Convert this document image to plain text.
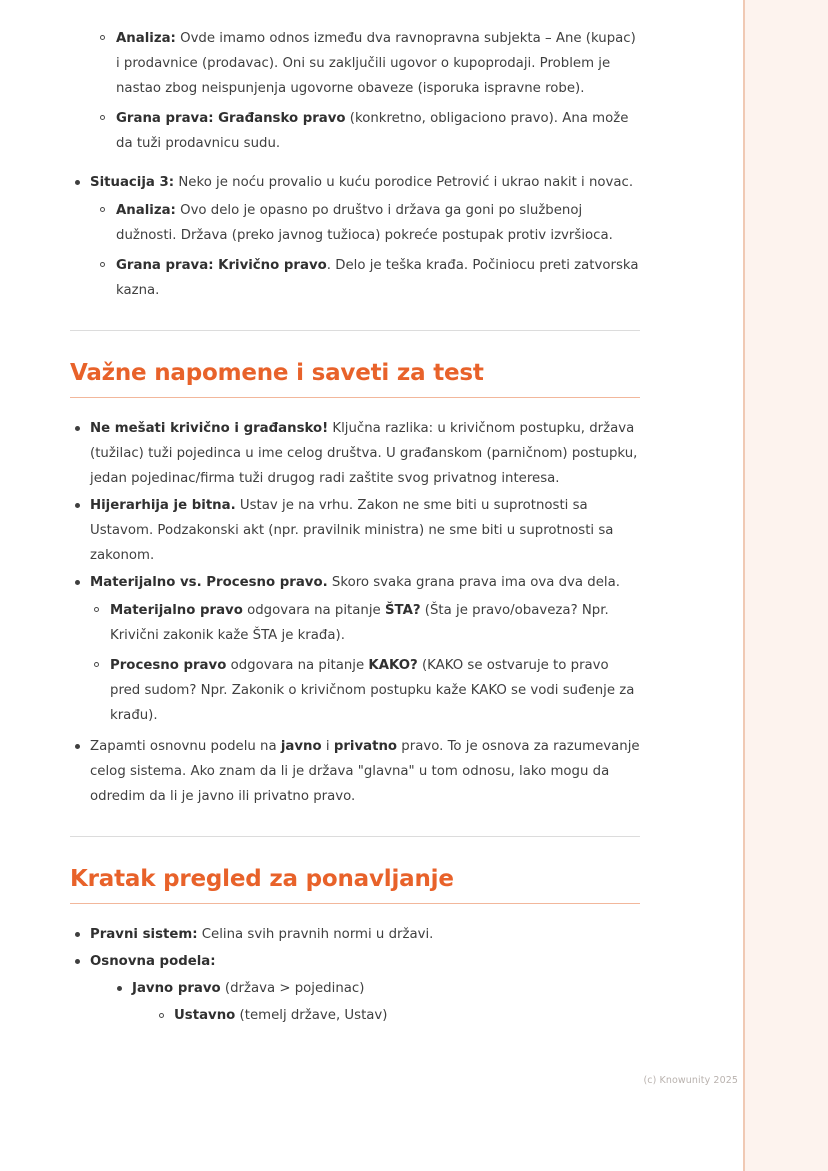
Analiza: Ovde imamo odnos između dva ravnopravna subjekta – Ane (kupac) i prodavnice (prodavac). Oni su zaključili ugovor o kupoprodaji. Problem je nastao zbog neispunjenja ugovorne obaveze (isporuka ispravne robe).
Grana prava: Građansko pravo (konkretno, obligaciono pravo). Ana može da tuži prodavnicu sudu.
Situacija 3: Neko je noću provalio u kuću porodice Petrović i ukrao nakit i novac.
Analiza: Ovo delo je opasno po društvo i država ga goni po službenoj dužnosti. Država (preko javnog tužioca) pokreće postupak protiv izvršioca.
Grana prava: Krivično pravo. Delo je teška krađa. Počiniocu preti zatvorska kazna.
Važne napomene i saveti za test
Ne mešati krivično i građansko! Ključna razlika: u krivičnom postupku, država (tužilac) tuži pojedinca u ime celog društva. U građanskom (parničnom) postupku, jedan pojedinac/firma tuži drugog radi zaštite svog privatnog interesa.
Hijerarhija je bitna. Ustav je na vrhu. Zakon ne sme biti u suprotnosti sa Ustavom. Podzakonski akt (npr. pravilnik ministra) ne sme biti u suprotnosti sa zakonom.
Materijalno vs. Procesno pravo. Skoro svaka grana prava ima ova dva dela.
Materijalno pravo odgovara na pitanje ŠTA? (Šta je pravo/obaveza? Npr. Krivični zakonik kaže ŠTA je krađa).
Procesno pravo odgovara na pitanje KAKO? (KAKO se ostvaruje to pravo pred sudom? Npr. Zakonik o krivičnom postupku kaže KAKO se vodi suđenje za krađu).
Zapamti osnovnu podelu na javno i privatno pravo. To je osnova za razumevanje celog sistema. Ako znam da li je država "glavna" u tom odnosu, lako mogu da odredim da li je javno ili privatno pravo.
Kratak pregled za ponavljanje
Pravni sistem: Celina svih pravnih normi u državi.
Osnovna podela:
Javno pravo (država > pojedinac)
Ustavno (temelj države, Ustav)
(c) Knowunity 2025
